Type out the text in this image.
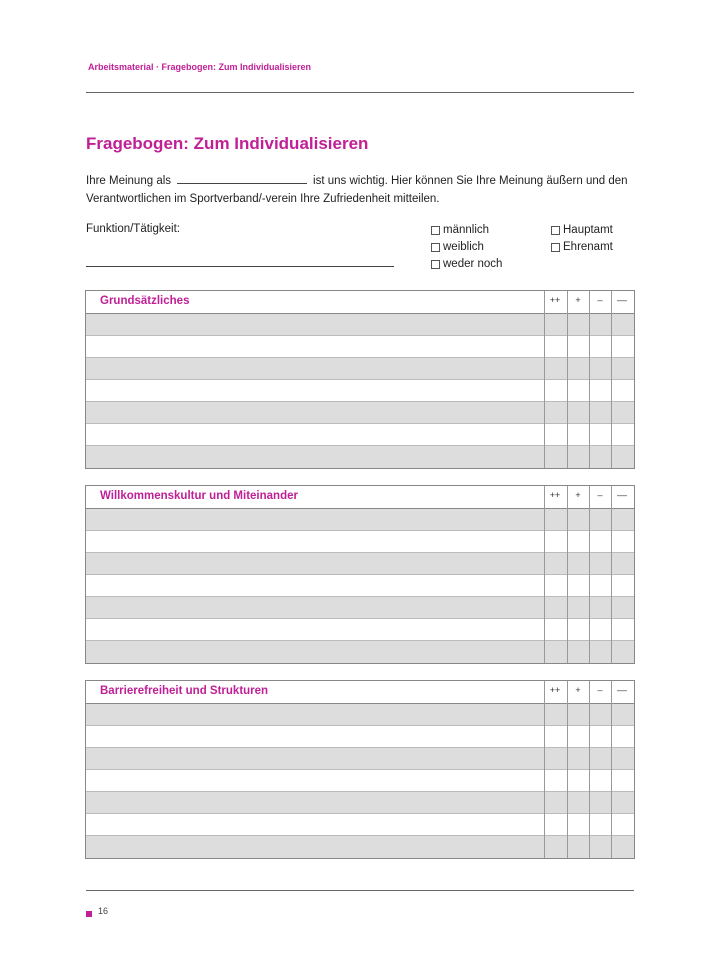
Arbeitsmaterial · Fragebogen: Zum Individualisieren
Fragebogen: Zum Individualisieren
Ihre Meinung als	ist uns wichtig. Hier können Sie Ihre Meinung äußern und den Verantwortlichen im Sportverband/-verein Ihre Zufriedenheit mitteilen.
Funktion/Tätigkeit:	männlich
weiblich
weder noch
Hauptamt
Ehrenamt
Grundsätzliches	++	+	–	––
Willkommenskultur und Miteinander	++	+	–	––
Barrierefreiheit und Strukturen	++	+	–	––
16
